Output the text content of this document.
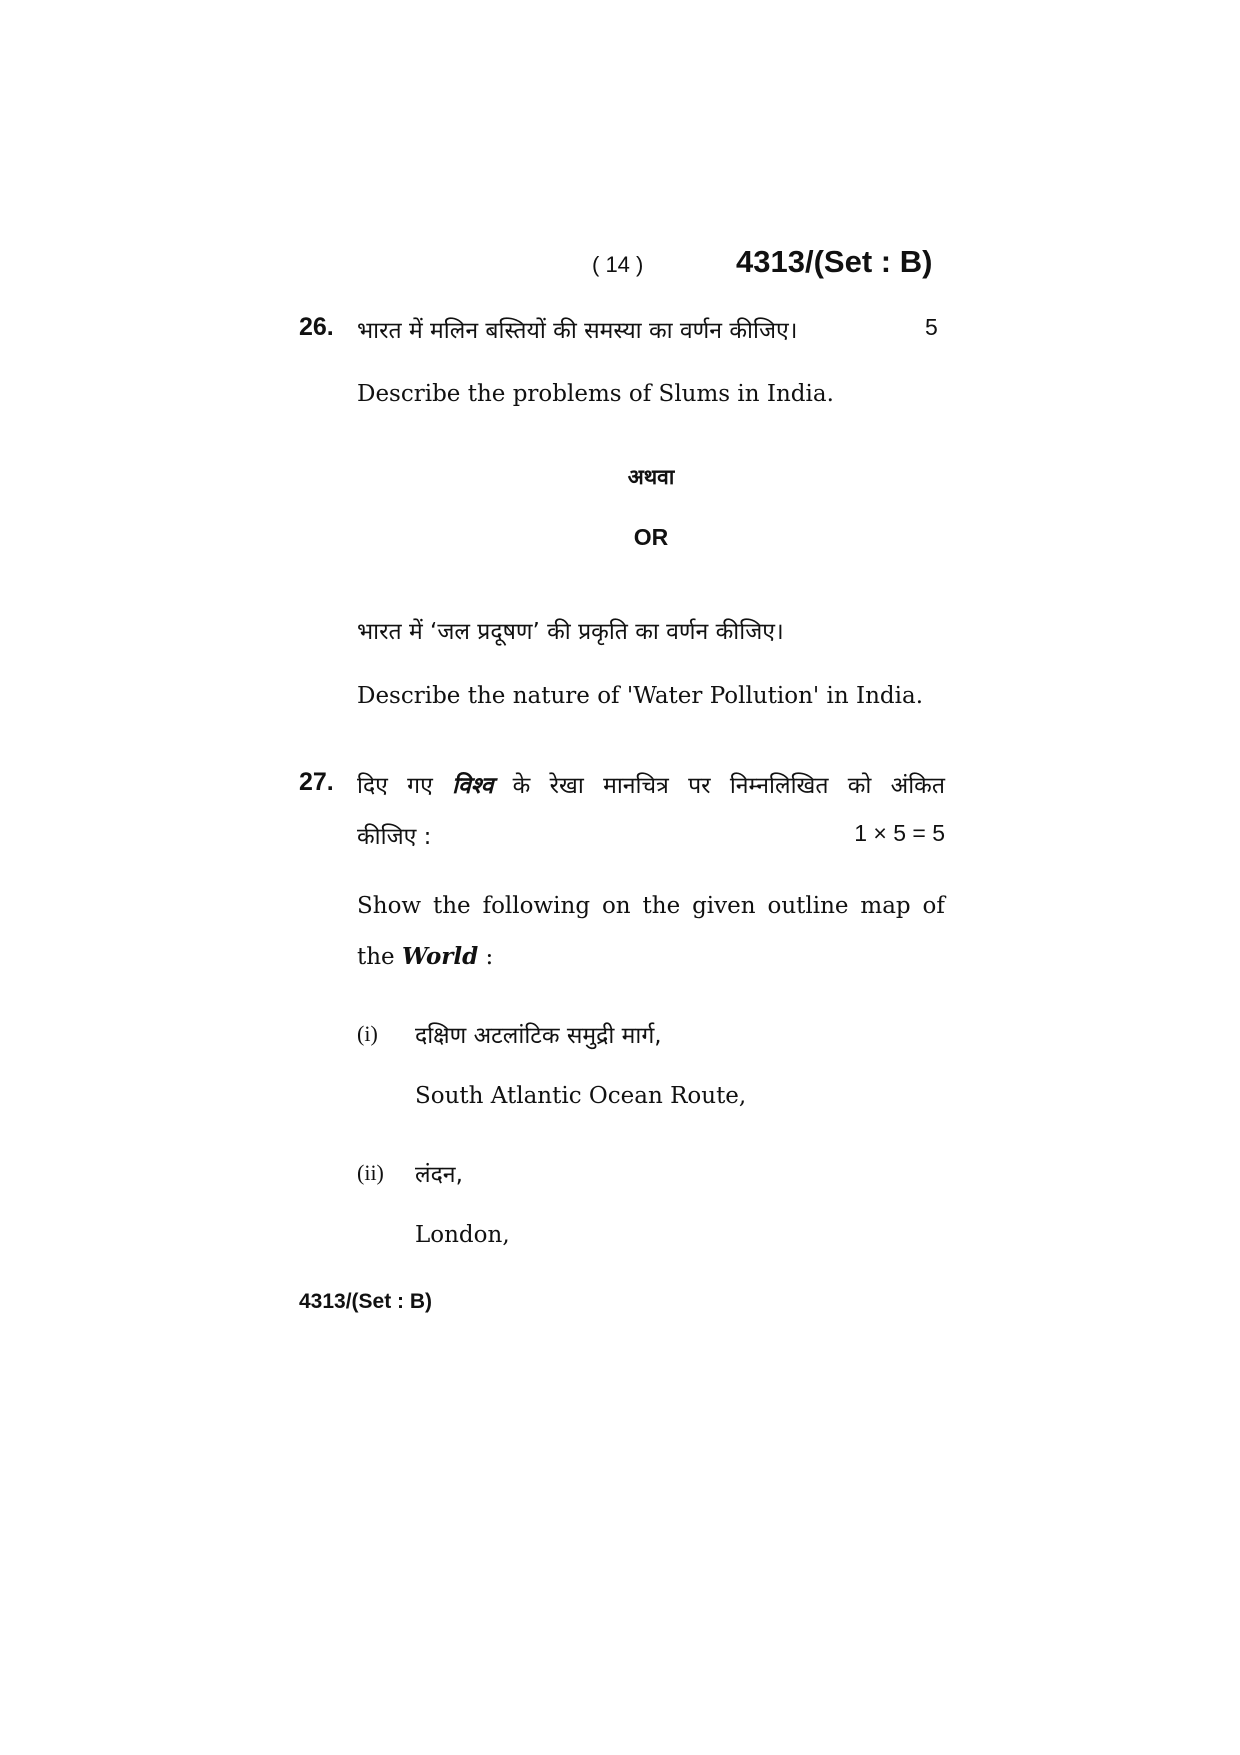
( 14 )	4313/(Set : B)
26. भारत में मलिन बस्तियों की समस्या का वर्णन कीजिए।	5
Describe the problems of Slums in India.
अथवा
OR
भारत में ‘जल प्रदूषण’ की प्रकृति का वर्णन कीजिए।
Describe the nature of 'Water Pollution' in India.
27. दिए गए विश्व के रेखा मानचित्र पर निम्नलिखित को अंकित
कीजिए :	1 × 5 = 5
Show the following on the given outline map of
the World :
(i) दक्षिण अटलांटिक समुद्री मार्ग,
South Atlantic Ocean Route,
(ii) लंदन,
London,
4313/(Set : B)
